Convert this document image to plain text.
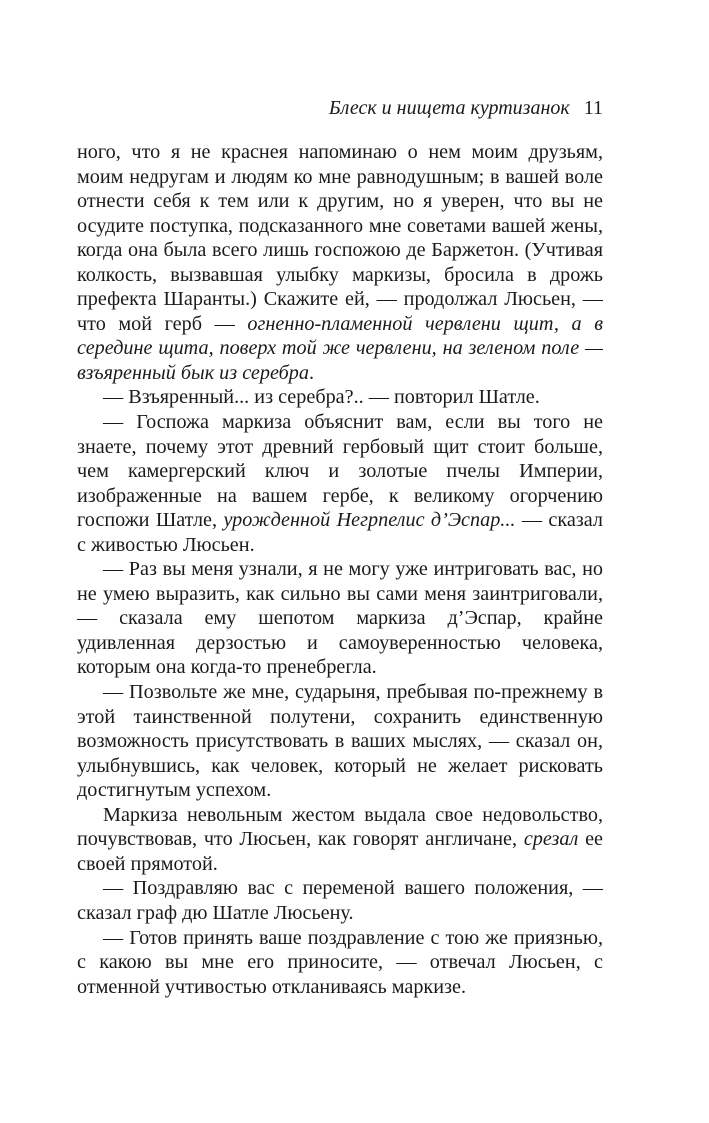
Блеск и нищета куртизанок 11

ного, что я не краснея напоминаю о нем моим друзьям, моим недругам и людям ко мне равнодушным; в вашей воле отнести себя к тем или к другим, но я уверен, что вы не осудите поступка, подсказанного мне советами вашей жены, когда она была всего лишь госпожою де Баржетон. (Учтивая колкость, вызвавшая улыбку маркизы, бросила в дрожь префекта Шаранты.) Скажите ей, — продолжал Люсьен, — что мой герб — огненно-пламенной червлени щит, а в середине щита, поверх той же червлени, на зеленом поле — взъяренный бык из серебра.

— Взъяренный... из серебра?.. — повторил Шатле.

— Госпожа маркиза объяснит вам, если вы того не знаете, почему этот древний гербовый щит стоит больше, чем камергерский ключ и золотые пчелы Империи, изображенные на вашем гербе, к великому огорчению госпожи Шатле, урожденной Негрпелис д’Эспар... — сказал с живостью Люсьен.

— Раз вы меня узнали, я не могу уже интриговать вас, но не умею выразить, как сильно вы сами меня заинтриговали, — сказала ему шепотом маркиза д’Эспар, крайне удивленная дерзостью и самоуверенностью человека, которым она когда-то пренебрегла.

— Позвольте же мне, сударыня, пребывая по-прежнему в этой таинственной полутени, сохранить единственную возможность присутствовать в ваших мыслях, — сказал он, улыбнувшись, как человек, который не желает рисковать достигнутым успехом.

Маркиза невольным жестом выдала свое недовольство, почувствовав, что Люсьен, как говорят англичане, срезал ее своей прямотой.

— Поздравляю вас с переменой вашего положения, — сказал граф дю Шатле Люсьену.

— Готов принять ваше поздравление с тою же приязнью, с какою вы мне его приносите, — отвечал Люсьен, с отменной учтивостью откланиваясь маркизе.
